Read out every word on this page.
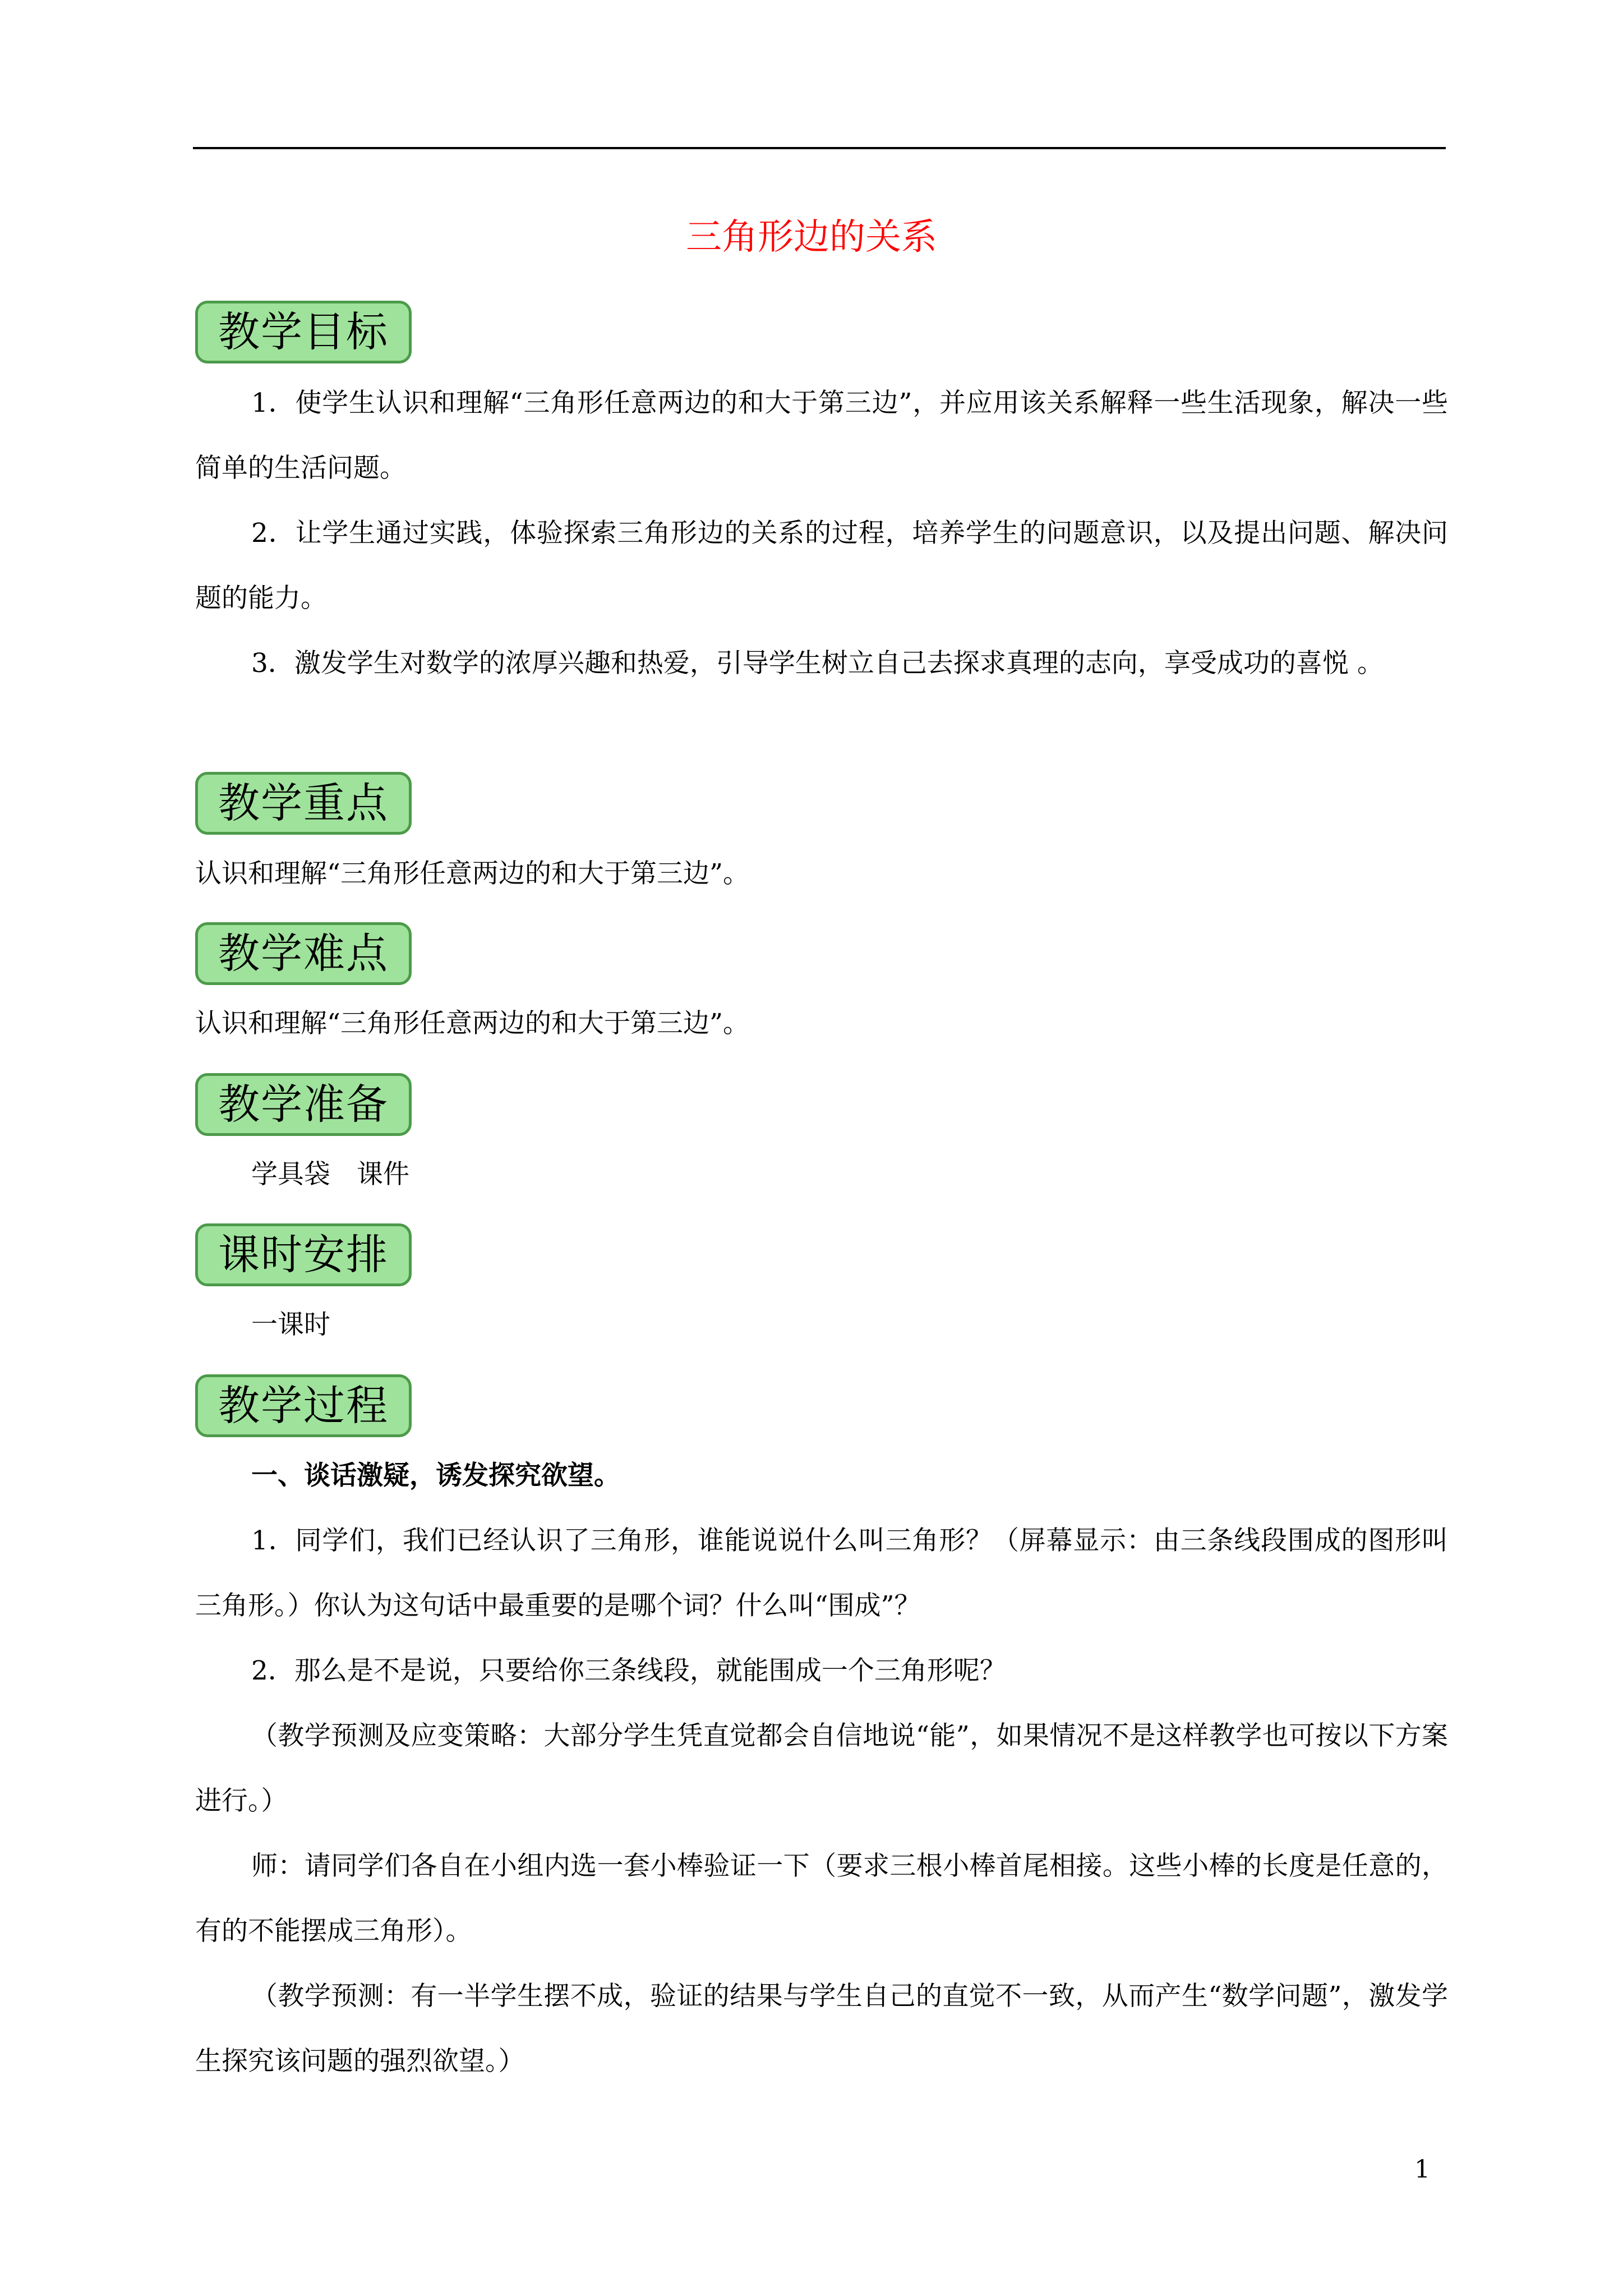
三角形边的关系
教学目标

1．使学生认识和理解“三角形任意两边的和大于第三边”，并应用该关系解释一些生活现象，解决一些简单的生活问题。

2．让学生通过实践，体验探索三角形边的关系的过程，培养学生的问题意识，以及提出问题、解决问题的能力。

3．激发学生对数学的浓厚兴趣和热爱，引导学生树立自己去探求真理的志向，享受成功的喜悦 。

教学重点

认识和理解“三角形任意两边的和大于第三边”。

教学难点

认识和理解“三角形任意两边的和大于第三边”。

教学准备

学具袋　课件

课时安排

一课时

教学过程

一、谈话激疑，诱发探究欲望。

1．同学们，我们已经认识了三角形，谁能说说什么叫三角形？（屏幕显示：由三条线段围成的图形叫三角形。）你认为这句话中最重要的是哪个词？什么叫“围成”？

2．那么是不是说，只要给你三条线段，就能围成一个三角形呢？

（教学预测及应变策略：大部分学生凭直觉都会自信地说“能”，如果情况不是这样教学也可按以下方案进行。）

师：请同学们各自在小组内选一套小棒验证一下（要求三根小棒首尾相接。这些小棒的长度是任意的，有的不能摆成三角形）。

（教学预测：有一半学生摆不成，验证的结果与学生自己的直觉不一致，从而产生“数学问题”，激发学生探究该问题的强烈欲望。）

1
